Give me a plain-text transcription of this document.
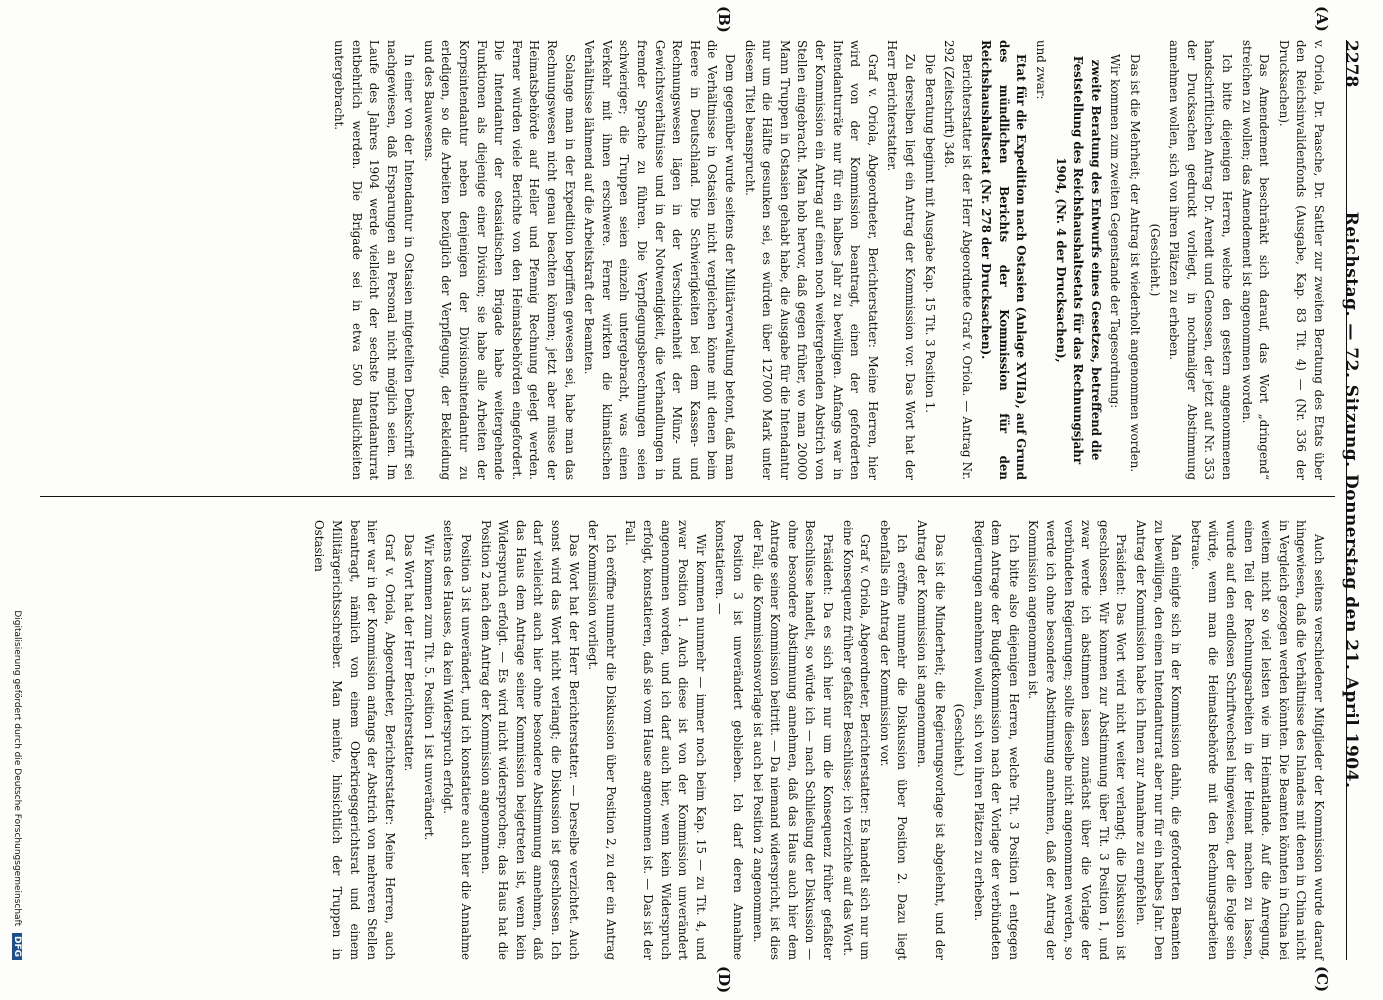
2278
Reichstag. — 72. Sitzung. Donnerstag den 21. April 1904.
(A)
(B)
(C)
(D)

v. Oriola, Dr. Paasche, Dr. Sattler zur zweiten Beratung des Etats über den Reichsinvalidenfonds (Ausgabe, Kap. 83 Tit. 4) — (Nr. 336 der Drucksachen).

Das Amendement beschränkt sich darauf, das Wort „dringend“ streichen zu wollen; das Amendement ist angenommen worden.

Ich bitte diejenigen Herren, welche den gestern angenommenen handschriftlichen Antrag Dr. Arendt und Genossen, der jetzt auf Nr. 353 der Drucksachen gedruckt vorliegt, in nochmaliger Abstimmung annehmen wollen, sich von ihren Plätzen zu erheben.

(Geschieht.)

Das ist die Mehrheit; der Antrag ist wiederholt angenommen worden.

Wir kommen zum zweiten Gegenstande der Tagesordnung:

zweite Beratung des Entwurfs eines Gesetzes, betreffend die Feststellung des Reichshaushaltsetats für das Rechnungsjahr 1904, (Nr. 4 der Drucksachen),

und zwar:

Etat für die Expedition nach Ostasien (Anlage XVIIa), auf Grund des mündlichen Berichts der Kommission für den Reichshaushaltsetat (Nr. 278 der Drucksachen).

Berichterstatter ist der Herr Abgeordnete Graf v. Oriola. — Antrag Nr. 292 (Zeitschrift) 348.

Die Beratung beginnt mit Ausgabe Kap. 15 Tit. 3 Position 1.

Zu derselben liegt ein Antrag der Kommission vor. Das Wort hat der Herr Berichterstatter.

Graf v. Oriola, Abgeordneter, Berichterstatter: Meine Herren, hier wird von der Kommission beantragt, einen der geforderten Intendanturräte nur für ein halbes Jahr zu bewilligen. Anfangs war in der Kommission ein Antrag auf einen noch weitergehenden Abstrich von Stellen eingebracht. Man hob hervor, daß gegen früher, wo man 20000 Mann Truppen in Ostasien gehabt habe, die Ausgabe für die Intendantur nur um die Hälfte gesunken sei, es würden über 127000 Mark unter diesem Titel beansprucht.

Dem gegenüber wurde seitens der Militärverwaltung betont, daß man die Verhältnisse in Ostasien nicht vergleichen könne mit denen beim Heere in Deutschland. Die Schwierigkeiten bei dem Kassen- und Rechnungswesen lägen in der Verschiedenheit der Münz- und Gewichtsverhältnisse und in der Notwendigkeit, die Verhandlungen in fremder Sprache zu führen. Die Verpflegungsberechnungen seien schwieriger; die Truppen seien einzeln untergebracht, was einen Verkehr mit ihnen erschwere. Ferner wirkten die klimatischen Verhältnisse lähmend auf die Arbeitskraft der Beamten.

Solange man in der Expedition begriffen gewesen sei, habe man das Rechnungswesen nicht genau beachten können; jetzt aber müsse der Heimatsbehörde auf Heller und Pfennig Rechnung gelegt werden. Ferner würden viele Berichte von den Heimatsbehörden eingefordert. Die Intendantur der ostasiatischen Brigade habe weitergehende Funktionen als diejenige einer Division; sie habe alle Arbeiten der Korpsintendantur neben denjenigen der Divisionsintendantur zu erledigen, so die Arbeiten bezüglich der Verpflegung, der Bekleidung und des Bauwesens.

In einer von der Intendantur in Ostasien mitgeteilten Denkschrift sei nachgewiesen, daß Ersparungen an Personal nicht möglich seien. Im Laufe des Jahres 1904 werde vielleicht der sechste Intendanturrat entbehrlich werden. Die Brigade sei in etwa 500 Baulichkeiten untergebracht.

Auch seitens verschiedener Mitglieder der Kommission wurde darauf hingewiesen, daß die Verhältnisse des Inlandes mit denen in China nicht in Vergleich gezogen werden könnten. Die Beamten könnten in China bei weitem nicht so viel leisten wie im Heimatlande. Auf die Anregung, einen Teil der Rechnungsarbeiten in der Heimat machen zu lassen, wurde auf den endlosen Schriftwechsel hingewiesen, der die Folge sein würde, wenn man die Heimatsbehörde mit den Rechnungsarbeiten betraue.

Man einigte sich in der Kommission dahin, die geforderten Beamten zu bewilligen, den einen Intendanturrat aber nur für ein halbes Jahr. Den Antrag der Kommission habe ich Ihnen zur Annahme zu empfehlen.

Präsident: Das Wort wird nicht weiter verlangt; die Diskussion ist geschlossen. Wir kommen zur Abstimmung über Tit. 3 Position 1, und zwar werde ich abstimmen lassen zunächst über die Vorlage der verbündeten Regierungen; sollte dieselbe nicht angenommen werden, so werde ich ohne besondere Abstimmung annehmen, daß der Antrag der Kommission angenommen ist.

Ich bitte also diejenigen Herren, welche Tit. 3 Position 1 entgegen dem Antrage der Budgetkommission nach der Vorlage der verbündeten Regierungen annehmen wollen, sich von ihren Plätzen zu erheben.

(Geschieht.)

Das ist die Minderheit; die Regierungsvorlage ist abgelehnt, und der Antrag der Kommission ist angenommen.

Ich eröffne nunmehr die Diskussion über Position 2. Dazu liegt ebenfalls ein Antrag der Kommission vor.

Graf v. Oriola, Abgeordneter, Berichterstatter: Es handelt sich nur um eine Konsequenz früher gefaßter Beschlüsse; ich verzichte auf das Wort.

Präsident: Da es sich hier nur um die Konsequenz früher gefaßter Beschlüsse handelt, so würde ich — nach Schließung der Diskussion — ohne besondere Abstimmung annehmen, daß das Haus auch hier dem Antrage seiner Kommission beitritt. — Da niemand widerspricht, ist dies der Fall; die Kommissionsvorlage ist auch bei Position 2 angenommen.

Position 3 ist unverändert geblieben. Ich darf deren Annahme konstatieren. —

Wir kommen nunmehr — immer noch beim Kap. 15 — zu Tit. 4, und zwar Position 1. Auch diese ist von der Kommission unverändert angenommen worden, und ich darf auch hier, wenn kein Widerspruch erfolgt, konstatieren, daß sie vom Hause angenommen ist. — Das ist der Fall.

Ich eröffne nunmehr die Diskussion über Position 2, zu der ein Antrag der Kommission vorliegt.

Das Wort hat der Herr Berichterstatter. — Derselbe verzichtet. Auch sonst wird das Wort nicht verlangt; die Diskussion ist geschlossen. Ich darf vielleicht auch hier ohne besondere Abstimmung annehmen, daß das Haus dem Antrage seiner Kommission beigetreten ist, wenn kein Widerspruch erfolgt. — Es wird nicht widersprochen; das Haus hat die Position 2 nach dem Antrag der Kommission angenommen.

Position 3 ist unverändert, und ich konstatiere auch hier die Annahme seitens des Hauses, da kein Widerspruch erfolgt.

Wir kommen zum Tit. 5. Position 1 ist unverändert.

Das Wort hat der Herr Berichterstatter.

Graf v. Oriola, Abgeordneter, Berichterstatter: Meine Herren, auch hier war in der Kommission anfangs der Abstrich von mehreren Stellen beantragt, nämlich von einem Oberkriegsgerichtsrat und einem Militärgerichtsschreiber. Man meinte, hinsichtlich der Truppen in Ostasien

Digitalisierung gefördert durch die Deutsche Forschungsgemeinschaft DFG
